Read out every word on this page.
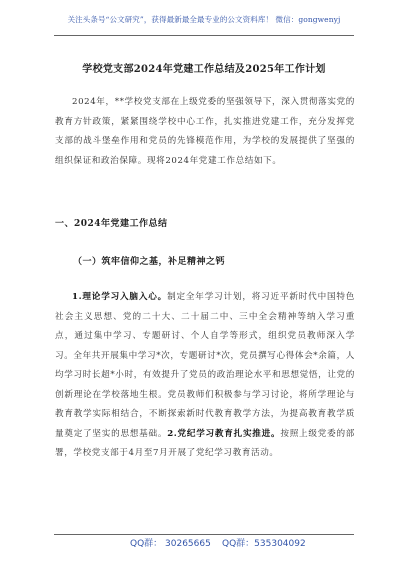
关注头条号“公文研究”，获得最新最全最专业的公文资料库！ 微信：gongwenyj
学校党支部2024年党建工作总结及2025年工作计划
2024年，**学校党支部在上级党委的坚强领导下，深入贯彻落实党的教育方针政策，紧紧围绕学校中心工作，扎实推进党建工作，充分发挥党支部的战斗堡垒作用和党员的先锋模范作用，为学校的发展提供了坚强的组织保证和政治保障。现将2024年党建工作总结如下。
一、2024年党建工作总结
（一）筑牢信仰之基，补足精神之钙
1.理论学习入脑入心。制定全年学习计划，将习近平新时代中国特色社会主义思想、党的二十大、二十届二中、三中全会精神等纳入学习重点，通过集中学习、专题研讨、个人自学等形式，组织党员教师深入学习。全年共开展集中学习*次，专题研讨*次，党员撰写心得体会*余篇，人均学习时长超*小时，有效提升了党员的政治理论水平和思想觉悟，让党的创新理论在学校落地生根。党员教师们积极参与学习讨论，将所学理论与教育教学实际相结合，不断探索新时代教育教学方法，为提高教育教学质量奠定了坚实的思想基础。2.党纪学习教育扎实推进。按照上级党委的部署，学校党支部于4月至7月开展了党纪学习教育活动。
QQ群： 30265665 QQ群：535304092
